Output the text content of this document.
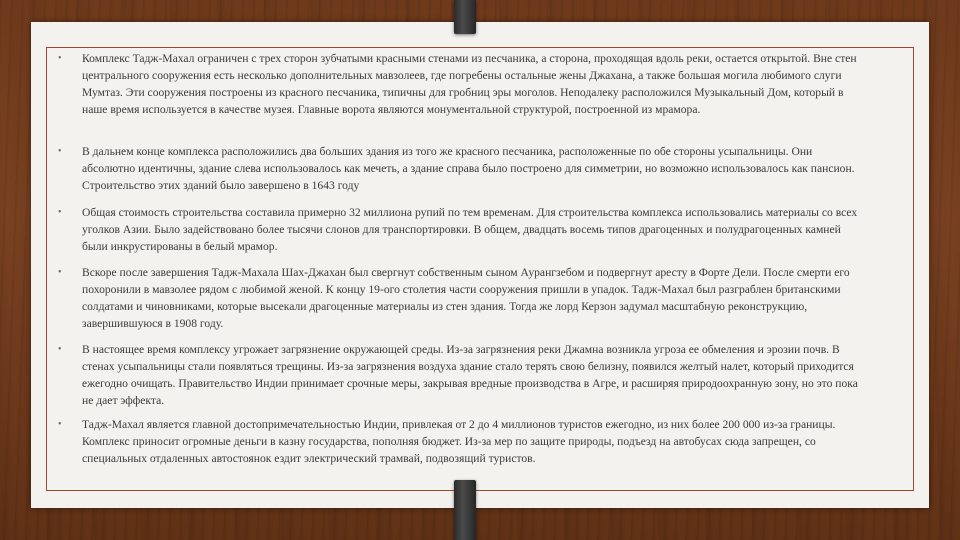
• Комплекс Тадж-Махал ограничен с трех сторон зубчатыми красными стенами из песчаника, а сторона, проходящая вдоль реки, остается открытой. Вне стен центрального сооружения есть несколько дополнительных мавзолеев, где погребены остальные жены Джахана, а также большая могила любимого слуги Мумтаз. Эти сооружения построены из красного песчаника, типичны для гробниц эры моголов. Неподалеку расположился Музыкальный Дом, который в наше время используется в качестве музея. Главные ворота являются монументальной структурой, построенной из мрамора.
• В дальнем конце комплекса расположились два больших здания из того же красного песчаника, расположенные по обе стороны усыпальницы. Они абсолютно идентичны, здание слева использовалось как мечеть, а здание справа было построено для симметрии, но возможно использовалось как пансион. Строительство этих зданий было завершено в 1643 году
• Общая стоимость строительства составила примерно 32 миллиона рупий по тем временам. Для строительства комплекса использовались материалы со всех уголков Азии. Было задействовано более тысячи слонов для транспортировки. В общем, двадцать восемь типов драгоценных и полудрагоценных камней были инкрустированы в белый мрамор.
• Вскоре после завершения Тадж-Махала Шах-Джахан был свергнут собственным сыном Аурангзебом и подвергнут аресту в Форте Дели. После смерти его похоронили в мавзолее рядом с любимой женой. К концу 19-ого столетия части сооружения пришли в упадок. Тадж-Махал был разграблен британскими солдатами и чиновниками, которые высекали драгоценные материалы из стен здания. Тогда же лорд Керзон задумал масштабную реконструкцию, завершившуюся в 1908 году.
• В настоящее время комплексу угрожает загрязнение окружающей среды. Из-за загрязнения реки Джамна возникла угроза ее обмеления и эрозии почв. В стенах усыпальницы стали появляться трещины. Из-за загрязнения воздуха здание стало терять свою белизну, появился желтый налет, который приходится ежегодно очищать. Правительство Индии принимает срочные меры, закрывая вредные производства в Агре, и расширяя природоохранную зону, но это пока не дает эффекта.
• Тадж-Махал является главной достопримечательностью Индии, привлекая от 2 до 4 миллионов туристов ежегодно, из них более 200 000 из-за границы. Комплекс приносит огромные деньги в казну государства, пополняя бюджет. Из-за мер по защите природы, подъезд на автобусах сюда запрещен, со специальных отдаленных автостоянок ездит электрический трамвай, подвозящий туристов.
